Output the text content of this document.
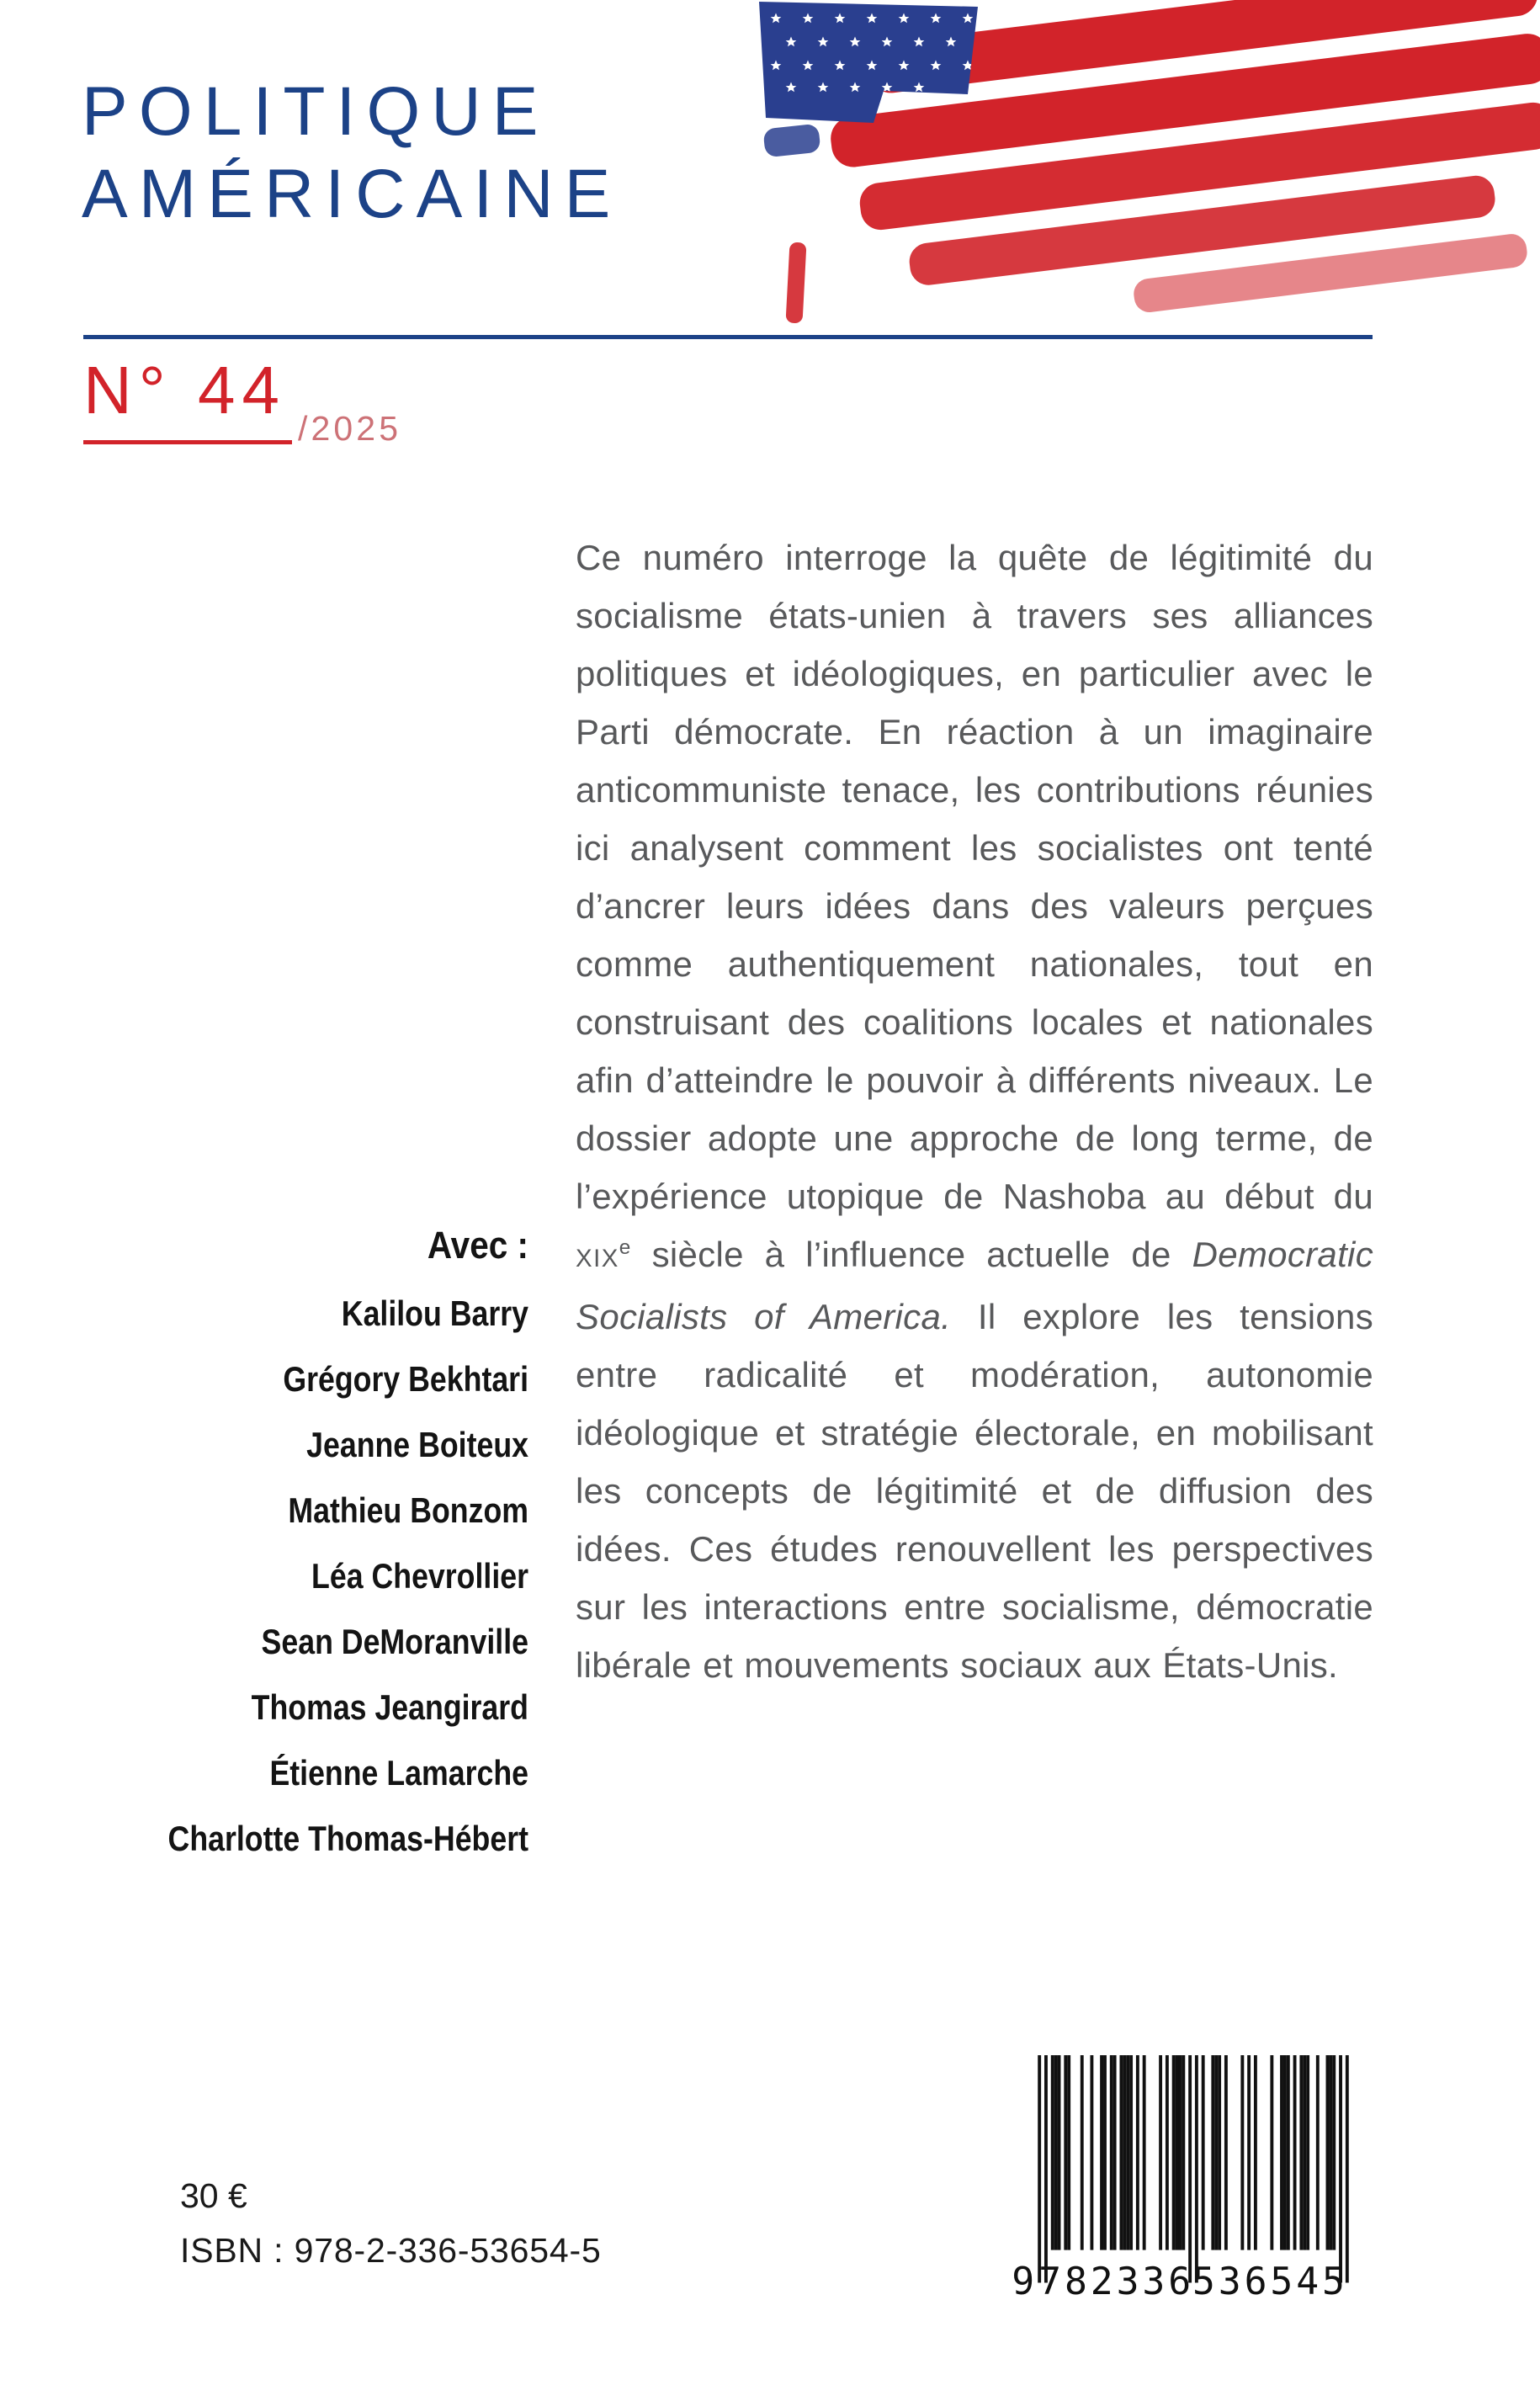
POLITIQUE
AMÉRICAINE
N° 44
/2025

Ce numéro interroge la quête de légitimité du socialisme états-unien à travers ses alliances politiques et idéologiques, en particulier avec le Parti démocrate. En réaction à un imaginaire anticommuniste tenace, les contributions réunies ici analysent comment les socialistes ont tenté d’ancrer leurs idées dans des valeurs perçues comme authentiquement nationales, tout en construisant des coalitions locales et nationales afin d’atteindre le pouvoir à différents niveaux. Le dossier adopte une approche de long terme, de l’expérience utopique de Nashoba au début du XIXe siècle à l’influence actuelle de Democratic Socialists of America. Il explore les tensions entre radicalité et modération, autonomie idéologique et stratégie électorale, en mobilisant les concepts de légitimité et de diffusion des idées. Ces études renouvellent les perspectives sur les interactions entre socialisme, démocratie libérale et mouvements sociaux aux États-Unis.

Avec :
Kalilou Barry
Grégory Bekhtari
Jeanne Boiteux
Mathieu Bonzom
Léa Chevrollier
Sean DeMoranville
Thomas Jeangirard
Étienne Lamarche
Charlotte Thomas-Hébert
30 €
ISBN : 978-2-336-53654-5
782336
536545
9
